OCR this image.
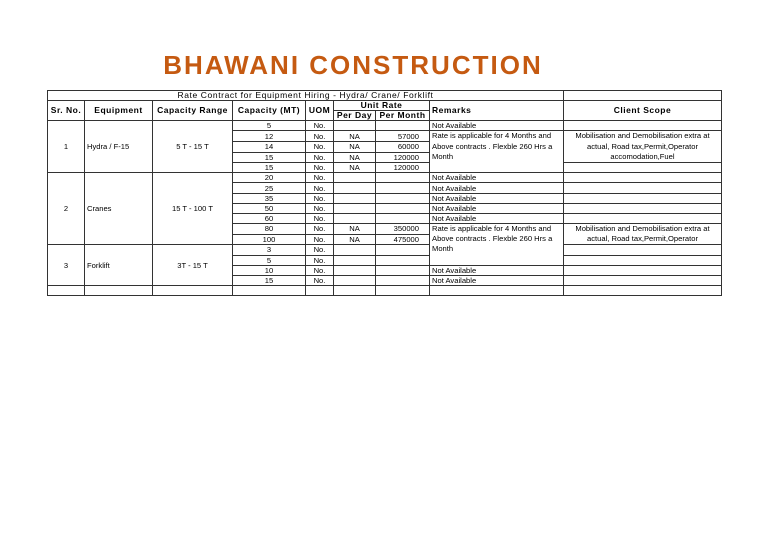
BHAWANI CONSTRUCTION
Rate Contract for Equipment Hiring - Hydra/ Crane/ Forklift								
Sr. No.	Equipment	Capacity Range	Capacity (MT)	UOM	Unit Rate		Remarks	Client Scope
					Per Day	Per Month		
1	Hydra / F-15	5 T - 15 T	5	No.			Not Available	
			12	No.	NA	57000	Rate is applicable for 4 Months and Above contracts . Flexble 260 Hrs a Month	Mobilisation and Demobilisation extra at actual, Road tax,Permit,Operator accomodation,Fuel
			14	No.	NA	60000		
			15	No.	NA	120000		
			15	No.	NA	120000		
2	Cranes	15 T - 100 T	20	No.			Not Available	
			25	No.			Not Available	
			35	No.			Not Available	
			50	No.			Not Available	
			60	No.			Not Available	
			80	No.	NA	350000	Rate is applicable for 4 Months and Above contracts . Flexble 260 Hrs a Month	Mobilisation and Demobilisation extra at actual, Road tax,Permit,Operator
			100	No.	NA	475000		
3	Forklift	3T - 15 T	3	No.				
			5	No.				
			10	No.			Not Available	
			15	No.			Not Available	
